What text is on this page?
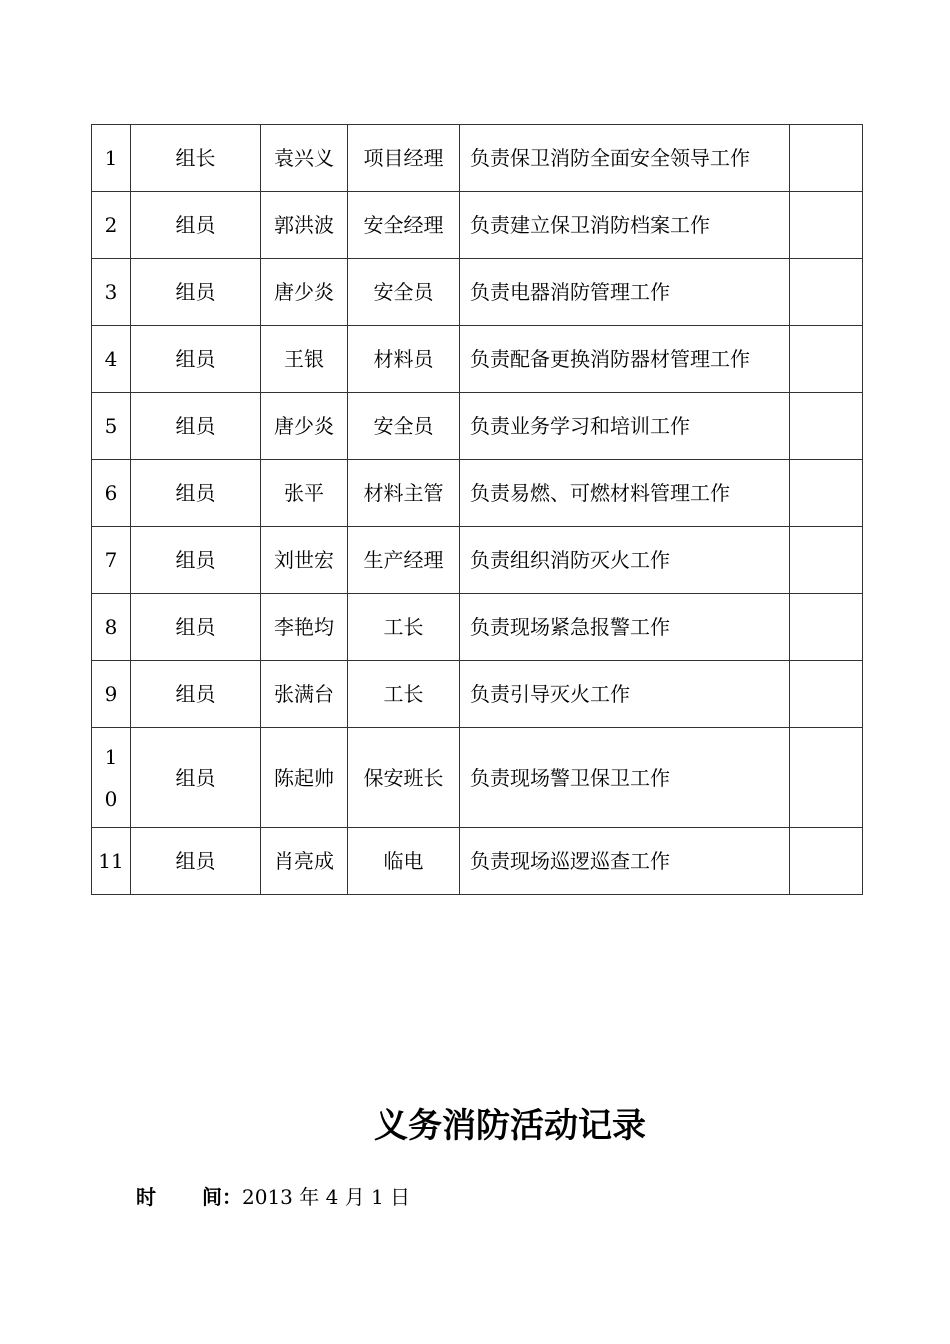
1	组长	袁兴义	项目经理	负责保卫消防全面安全领导工作	
2	组员	郭洪波	安全经理	负责建立保卫消防档案工作	
3	组员	唐少炎	安全员	负责电器消防管理工作	
4	组员	王银	材料员	负责配备更换消防器材管理工作	
5	组员	唐少炎	安全员	负责业务学习和培训工作	
6	组员	张平	材料主管	负责易燃、可燃材料管理工作	
7	组员	刘世宏	生产经理	负责组织消防灭火工作	
8	组员	李艳均	工长	负责现场紧急报警工作	
9	组员	张满台	工长	负责引导灭火工作	
10	组员	陈起帅	保安班长	负责现场警卫保卫工作	
11	组员	肖亮成	临电	负责现场巡逻巡查工作	
义务消防活动记录
时 间：2013 年 4 月 1 日
